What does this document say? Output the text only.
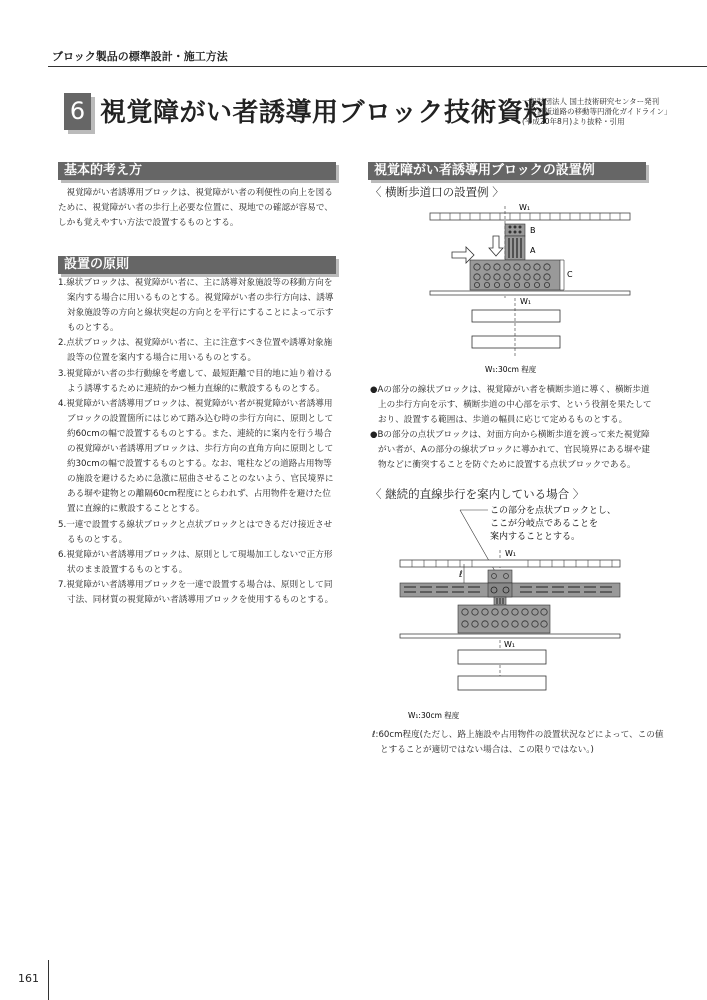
ブロック製品の標準設計・施工方法
6 視覚障がい者誘導用ブロック技術資料
一般財団法人 国土技術研究センター発刊
「改訂版道路の移動等円滑化ガイドライン」
(平成20年8月)より抜粋・引用
基本的考え方
視覚障がい者誘導用ブロックは、視覚障がい者の利便性の向上を図るために、視覚障がい者の歩行上必要な位置に、現地での確認が容易で、しかも覚えやすい方法で設置するものとする。
設置の原則
1.線状ブロックは、視覚障がい者に、主に誘導対象施設等の移動方向を案内する場合に用いるものとする。視覚障がい者の歩行方向は、誘導対象施設等の方向と線状突起の方向とを平行にすることによって示すものとする。
2.点状ブロックは、視覚障がい者に、主に注意すべき位置や誘導対象施設等の位置を案内する場合に用いるものとする。
3.視覚障がい者の歩行動線を考慮して、最短距離で目的地に辿り着けるよう誘導するために連続的かつ極力直線的に敷設するものとする。
4.視覚障がい者誘導用ブロックは、視覚障がい者が視覚障がい者誘導用ブロックの設置箇所にはじめて踏み込む時の歩行方向に、原則として約60cmの幅で設置するものとする。また、連続的に案内を行う場合の視覚障がい者誘導用ブロックは、歩行方向の直角方向に原則として約30cmの幅で設置するものとする。なお、電柱などの道路占用物等の施設を避けるために急激に屈曲させることのないよう、官民境界にある塀や建物との離隔60cm程度にとらわれず、占用物件を避けた位置に直線的に敷設することとする。
5.一連で設置する線状ブロックと点状ブロックとはできるだけ接近させるものとする。
6.視覚障がい者誘導用ブロックは、原則として現場加工しないで正方形状のまま設置するものとする。
7.視覚障がい者誘導用ブロックを一連で設置する場合は、原則として同寸法、同材質の視覚障がい者誘導用ブロックを使用するものとする。
視覚障がい者誘導用ブロックの設置例
〈 横断歩道口の設置例 〉
W₁
B
A
C
W₁
W₁:30cm 程度
●Aの部分の線状ブロックは、視覚障がい者を横断歩道に導く、横断歩道上の歩行方向を示す、横断歩道の中心部を示す、という役割を果たしており、設置する範囲は、歩道の幅員に応じて定めるものとする。
●Bの部分の点状ブロックは、対面方向から横断歩道を渡って来た視覚障がい者が、Aの部分の線状ブロックに導かれて、官民境界にある塀や建物などに衝突することを防ぐために設置する点状ブロックである。
〈 継続的直線歩行を案内している場合 〉
この部分を点状ブロックとし、
ここが分岐点であることを
案内することとする。
W₁
ℓ
W₁
W₁:30cm 程度
ℓ:60cm程度(ただし、路上施設や占用物件の設置状況などによって、この値とすることが適切ではない場合は、この限りではない。)
161
